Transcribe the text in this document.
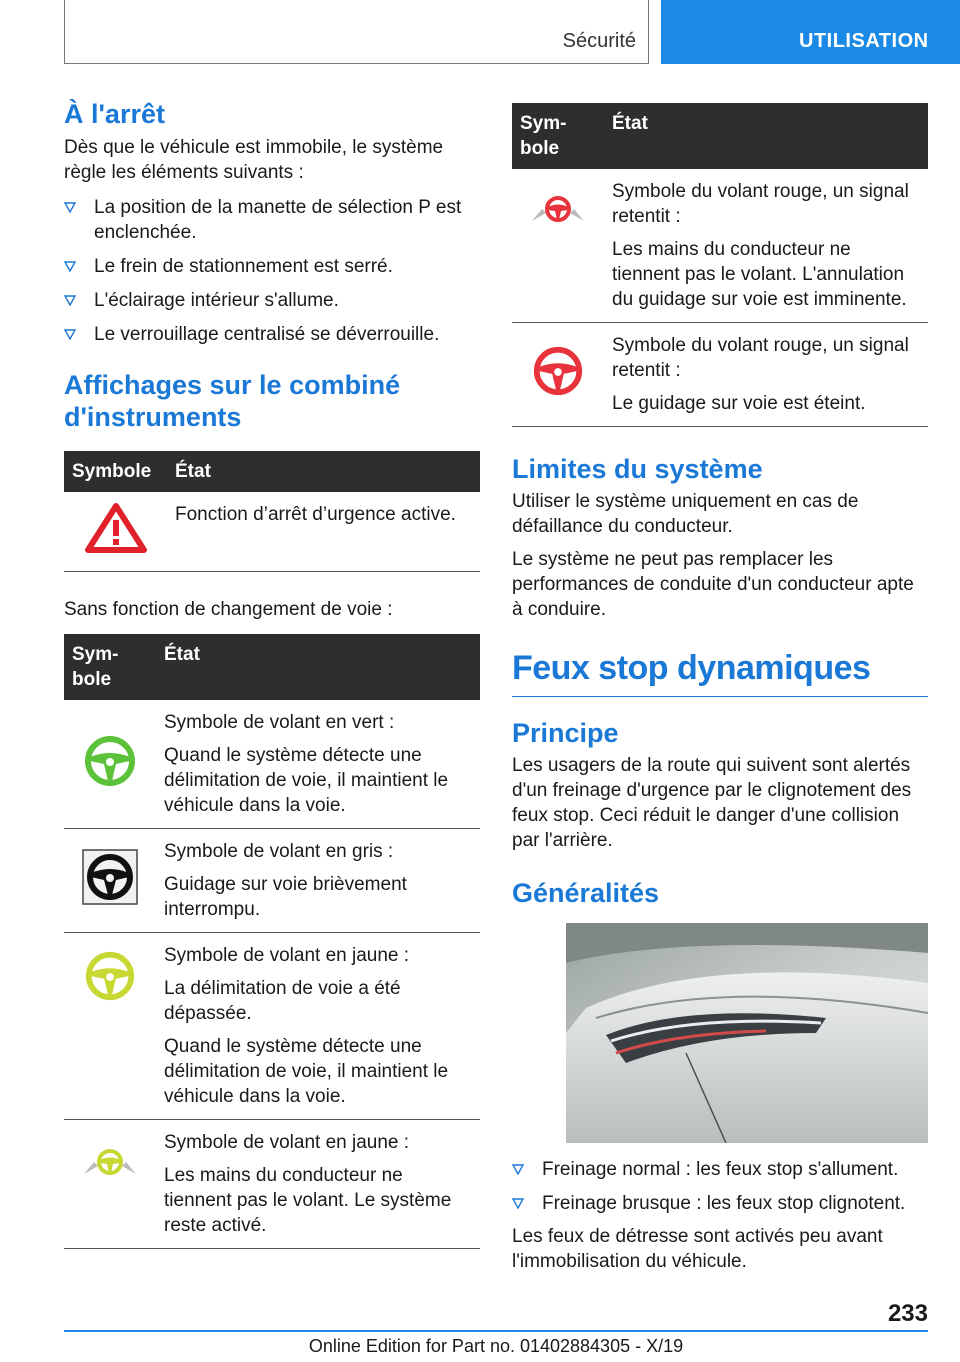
Sécurité	UTILISATION
À l'arrêt

Dès que le véhicule est immobile, le système règle les éléments suivants :

La position de la manette de sélection P est enclenchée.
Le frein de stationnement est serré.
L'éclairage intérieur s'allume.
Le verrouillage centralisé se déverrouille.
Affichages sur le combiné d'instruments
Symbole	État
	Fonction d’arrêt d’urgence active.

Sans fonction de changement de voie :

Sym-bole	État

Symbole de volant en vert :

Quand le système détecte une délimitation de voie, il maintient le véhicule dans la voie.

Symbole de volant en gris :

Guidage sur voie brièvement interrompu.

Symbole de volant en jaune :

La délimitation de voie a été dépassée.

Quand le système détecte une délimitation de voie, il maintient le véhicule dans la voie.

Symbole de volant en jaune :

Les mains du conducteur ne tiennent pas le volant. Le système reste activé.

Sym-bole	État

Symbole du volant rouge, un signal retentit :

Les mains du conducteur ne tiennent pas le volant. L'annulation du guidage sur voie est imminente.

Symbole du volant rouge, un signal retentit :

Le guidage sur voie est éteint.

Limites du système

Utiliser le système uniquement en cas de défaillance du conducteur.

Le système ne peut pas remplacer les performances de conduite d'un conducteur apte à conduire.

Feux stop dynamiques
Principe

Les usagers de la route qui suivent sont alertés d'un freinage d'urgence par le clignotement des feux stop. Ceci réduit le danger d'une collision par l'arrière.

Généralités
Freinage normal : les feux stop s'allument.
Freinage brusque : les feux stop clignotent.

Les feux de détresse sont activés peu avant l'immobilisation du véhicule.

233
Online Edition for Part no. 01402884305 - X/19
